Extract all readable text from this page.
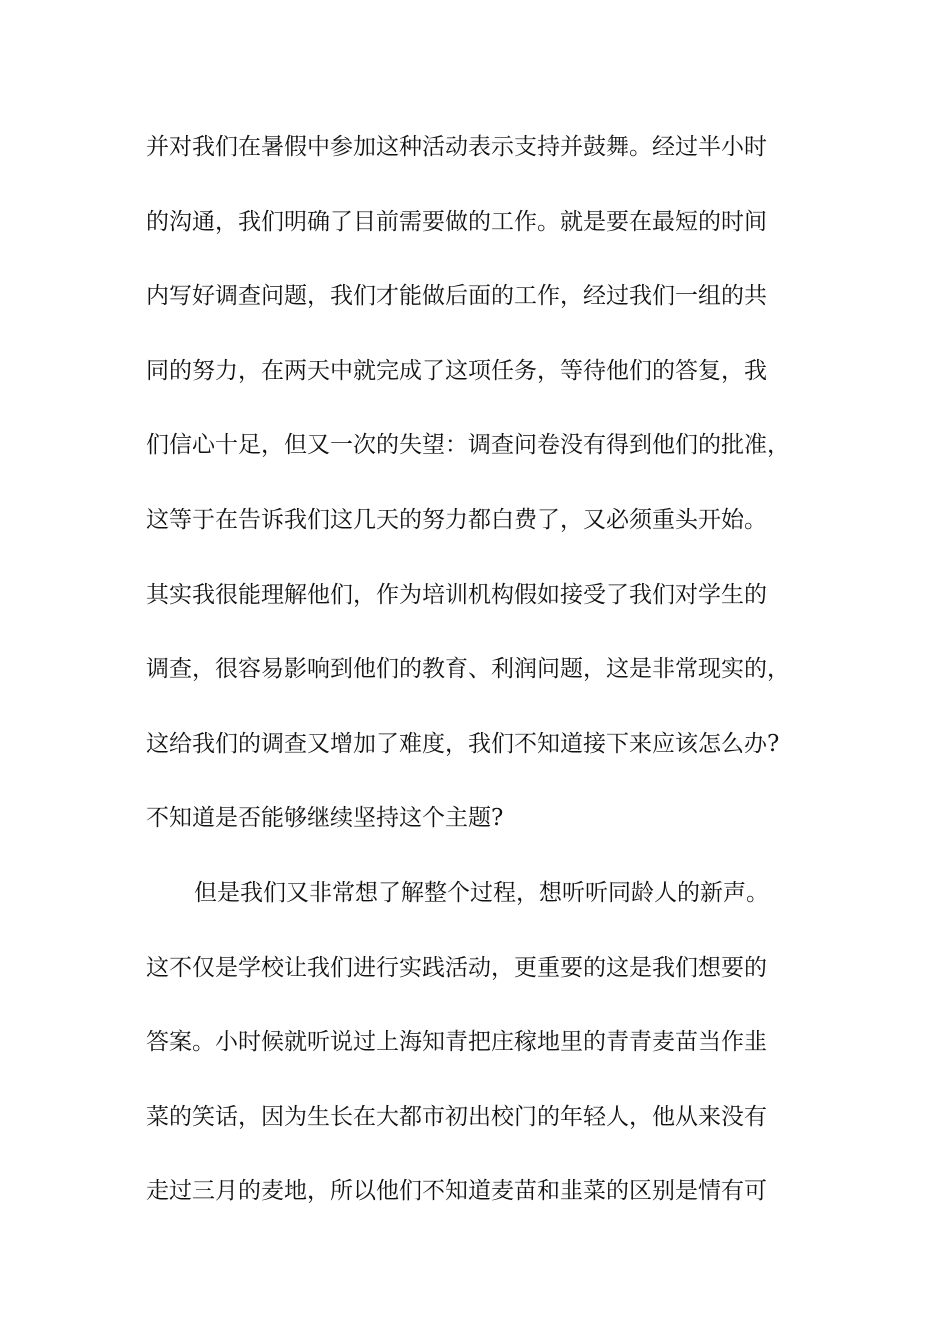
并对我们在暑假中参加这种活动表示支持并鼓舞。经过半小时
的沟通，我们明确了目前需要做的工作。就是要在最短的时间
内写好调查问题，我们才能做后面的工作，经过我们一组的共
同的努力，在两天中就完成了这项任务，等待他们的答复，我
们信心十足，但又一次的失望：调查问卷没有得到他们的批准，
这等于在告诉我们这几天的努力都白费了，又必须重头开始。
其实我很能理解他们，作为培训机构假如接受了我们对学生的
调查，很容易影响到他们的教育、利润问题，这是非常现实的，
这给我们的调查又增加了难度，我们不知道接下来应该怎么办?
不知道是否能够继续坚持这个主题?
但是我们又非常想了解整个过程，想听听同龄人的新声。
这不仅是学校让我们进行实践活动，更重要的这是我们想要的
答案。小时候就听说过上海知青把庄稼地里的青青麦苗当作韭
菜的笑话，因为生长在大都市初出校门的年轻人，他从来没有
走过三月的麦地，所以他们不知道麦苗和韭菜的区别是情有可
